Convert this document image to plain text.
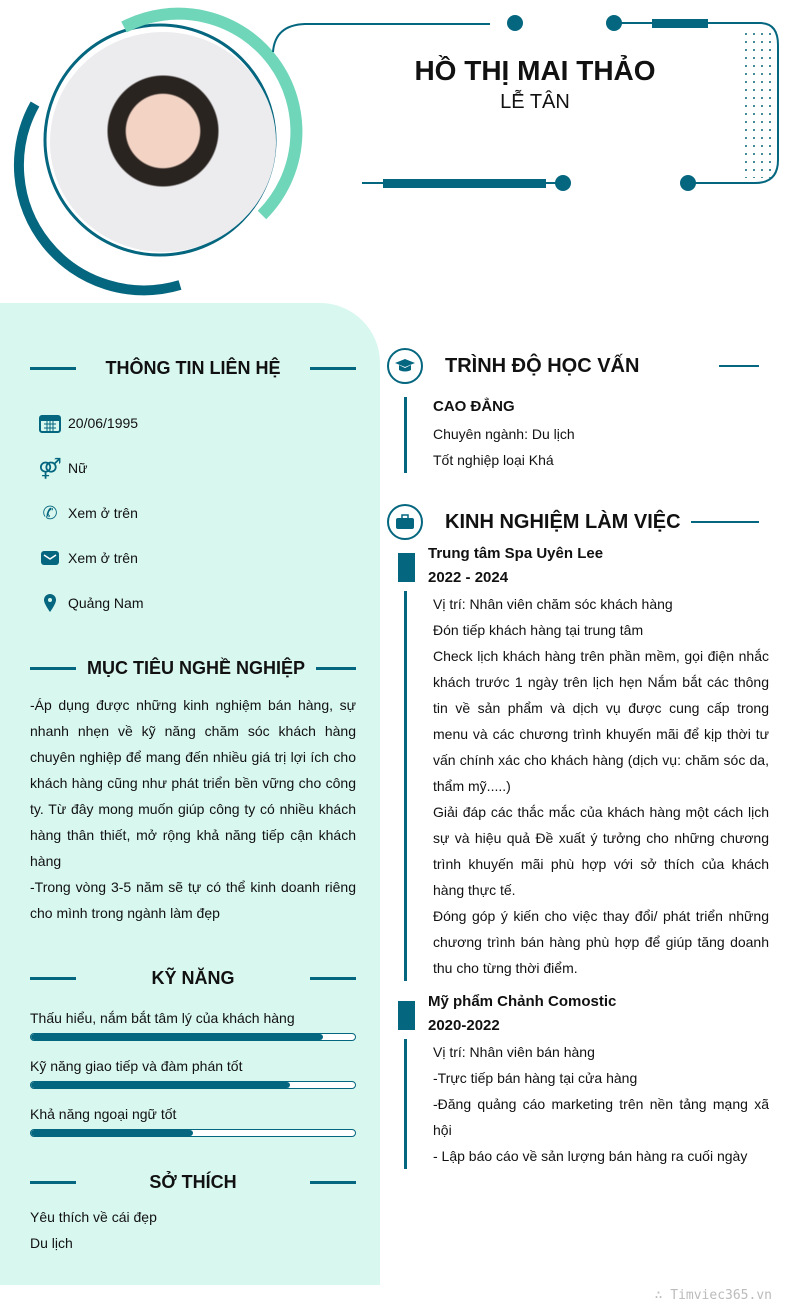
HỒ THỊ MAI THẢO
LỄ TÂN
THÔNG TIN LIÊN HỆ
20/06/1995
⚤ Nữ
✆ Xem ở trên
Xem ở trên
Quảng Nam
MỤC TIÊU NGHỀ NGHIỆP
-Áp dụng được những kinh nghiệm bán hàng, sự nhanh nhẹn về kỹ năng chăm sóc khách hàng chuyên nghiệp để mang đến nhiều giá trị lợi ích cho khách hàng cũng như phát triển bền vững cho công ty. Từ đây mong muốn giúp công ty có nhiều khách hàng thân thiết, mở rộng khả năng tiếp cận khách hàng
-Trong vòng 3-5 năm sẽ tự có thể kinh doanh riêng cho mình trong ngành làm đẹp
KỸ NĂNG
Thấu hiểu, nắm bắt tâm lý của khách hàng
Kỹ năng giao tiếp và đàm phán tốt
Khả năng ngoại ngữ tốt
SỞ THÍCH
Yêu thích về cái đẹp
Du lịch
TRÌNH ĐỘ HỌC VẤN
CAO ĐẲNG
Chuyên ngành: Du lịch
Tốt nghiệp loại Khá
KINH NGHIỆM LÀM VIỆC
Trung tâm Spa Uyên Lee
2022 - 2024
Vị trí: Nhân viên chăm sóc khách hàng
Đón tiếp khách hàng tại trung tâm
Check lịch khách hàng trên phần mềm, gọi điện nhắc khách trước 1 ngày trên lịch hẹn Nắm bắt các thông tin về sản phẩm và dịch vụ được cung cấp trong menu và các chương trình khuyến mãi để kịp thời tư vấn chính xác cho khách hàng (dịch vụ: chăm sóc da, thẩm mỹ.....)
Giải đáp các thắc mắc của khách hàng một cách lịch sự và hiệu quả Đề xuất ý tưởng cho những chương trình khuyến mãi phù hợp với sở thích của khách hàng thực tế.
Đóng góp ý kiến cho việc thay đổi/ phát triển những chương trình bán hàng phù hợp để giúp tăng doanh thu cho từng thời điểm.
Mỹ phẩm Chảnh Comostic
2020-2022
Vị trí: Nhân viên bán hàng
-Trực tiếp bán hàng tại cửa hàng
-Đăng quảng cáo marketing trên nền tảng mạng xã hội
- Lập báo cáo về sản lượng bán hàng ra cuối ngày
∴ Timviec365.vn
